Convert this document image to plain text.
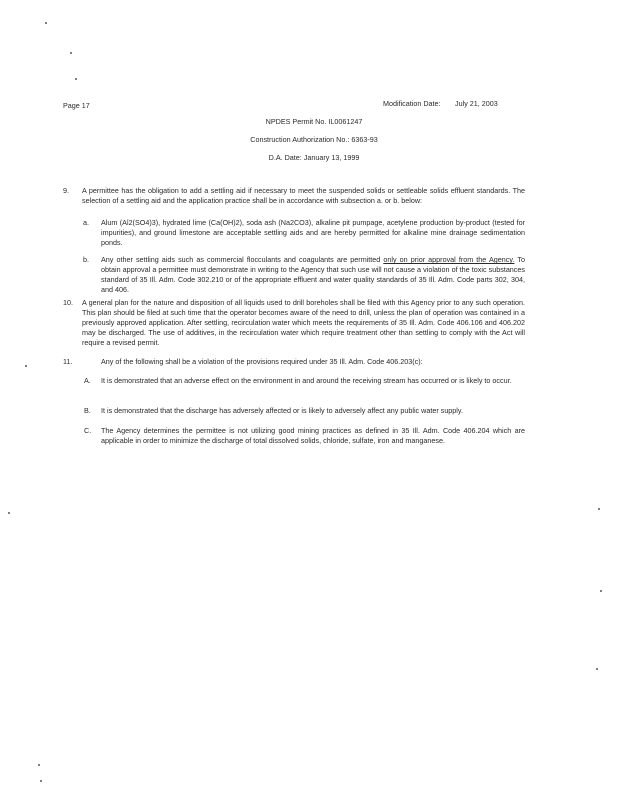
Page 17	Modification Date: July 21, 2003
NPDES Permit No. IL0061247
Construction Authorization No.: 6363-93
D.A. Date: January 13, 1999
9. A permittee has the obligation to add a settling aid if necessary to meet the suspended solids or settleable solids effluent standards. The selection of a settling aid and the application practice shall be in accordance with subsection a. or b. below:
a. Alum (Al2(SO4)3), hydrated lime (Ca(OH)2), soda ash (Na2CO3), alkaline pit pumpage, acetylene production by-product (tested for impurities), and ground limestone are acceptable settling aids and are hereby permitted for alkaline mine drainage sedimentation ponds.
b. Any other settling aids such as commercial flocculants and coagulants are permitted only on prior approval from the Agency. To obtain approval a permittee must demonstrate in writing to the Agency that such use will not cause a violation of the toxic substances standard of 35 Ill. Adm. Code 302.210 or of the appropriate effluent and water quality standards of 35 Ill. Adm. Code parts 302, 304, and 406.
10. A general plan for the nature and disposition of all liquids used to drill boreholes shall be filed with this Agency prior to any such operation. This plan should be filed at such time that the operator becomes aware of the need to drill, unless the plan of operation was contained in a previously approved application. After settling, recirculation water which meets the requirements of 35 Ill. Adm. Code 406.106 and 406.202 may be discharged. The use of additives, in the recirculation water which require treatment other than settling to comply with the Act will require a revised permit.
11.	Any of the following shall be a violation of the provisions required under 35 Ill. Adm. Code 406.203(c):
A. It is demonstrated that an adverse effect on the environment in and around the receiving stream has occurred or is likely to occur.
B. It is demonstrated that the discharge has adversely affected or is likely to adversely affect any public water supply.
C. The Agency determines the permittee is not utilizing good mining practices as defined in 35 Ill. Adm. Code 406.204 which are applicable in order to minimize the discharge of total dissolved solids, chloride, sulfate, iron and manganese.
